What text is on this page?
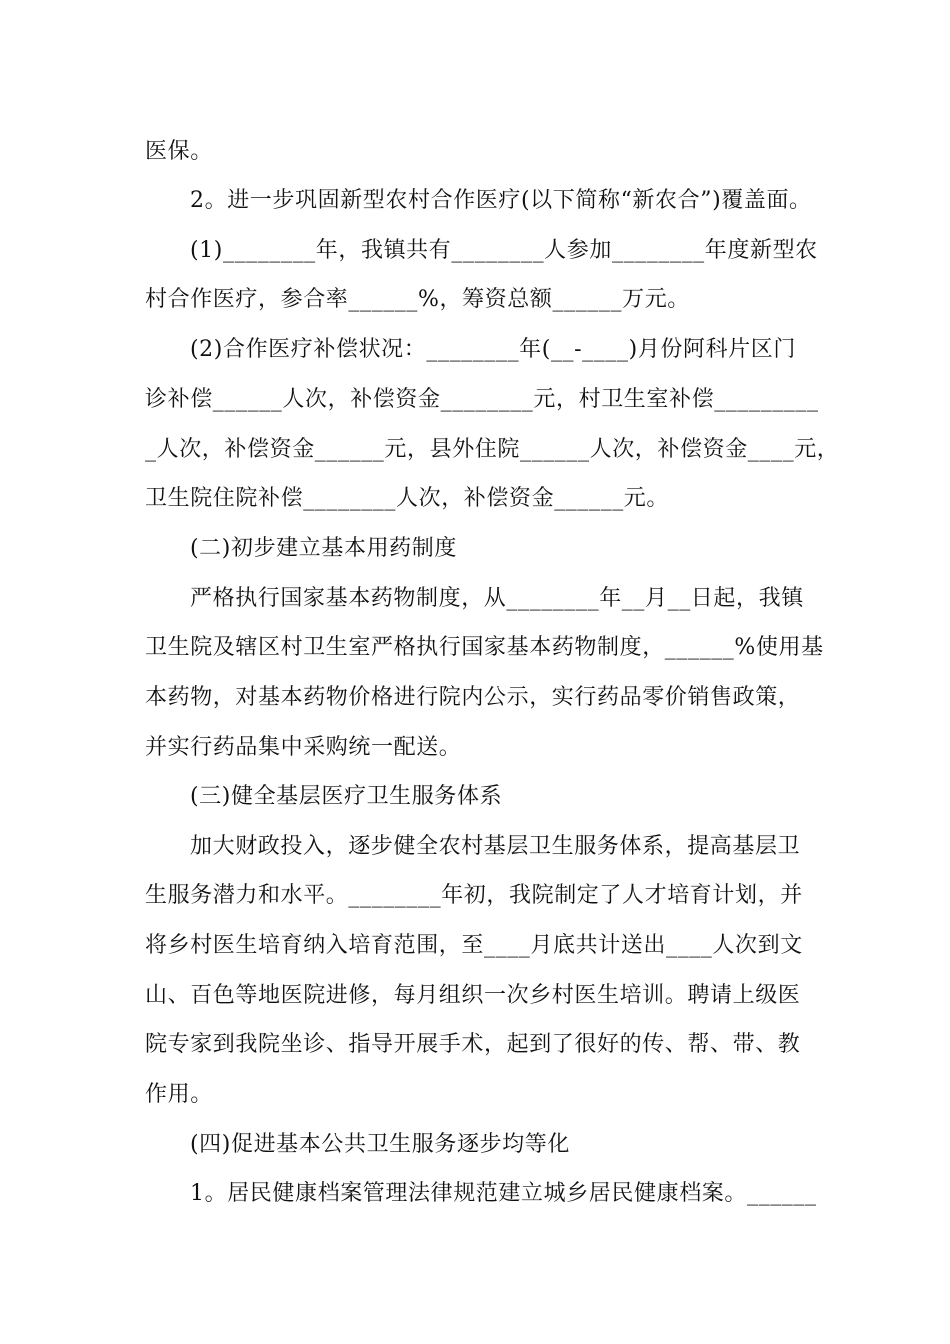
医保。
2。进一步巩固新型农村合作医疗(以下简称“新农合”)覆盖面。
(1)________年，我镇共有________人参加________年度新型农
村合作医疗，参合率______%，筹资总额______万元。
(2)合作医疗补偿状况：________年(__-____)月份阿科片区门
诊补偿______人次，补偿资金________元，村卫生室补偿_________
_人次，补偿资金______元，县外住院______人次，补偿资金____元，
卫生院住院补偿________人次，补偿资金______元。
(二)初步建立基本用药制度
严格执行国家基本药物制度，从________年__月__日起，我镇
卫生院及辖区村卫生室严格执行国家基本药物制度，______%使用基
本药物，对基本药物价格进行院内公示，实行药品零价销售政策，
并实行药品集中采购统一配送。
(三)健全基层医疗卫生服务体系
加大财政投入，逐步健全农村基层卫生服务体系，提高基层卫
生服务潜力和水平。________年初，我院制定了人才培育计划，并
将乡村医生培育纳入培育范围，至____月底共计送出____人次到文
山、百色等地医院进修，每月组织一次乡村医生培训。聘请上级医
院专家到我院坐诊、指导开展手术，起到了很好的传、帮、带、教
作用。
(四)促进基本公共卫生服务逐步均等化
1。居民健康档案管理法律规范建立城乡居民健康档案。______
